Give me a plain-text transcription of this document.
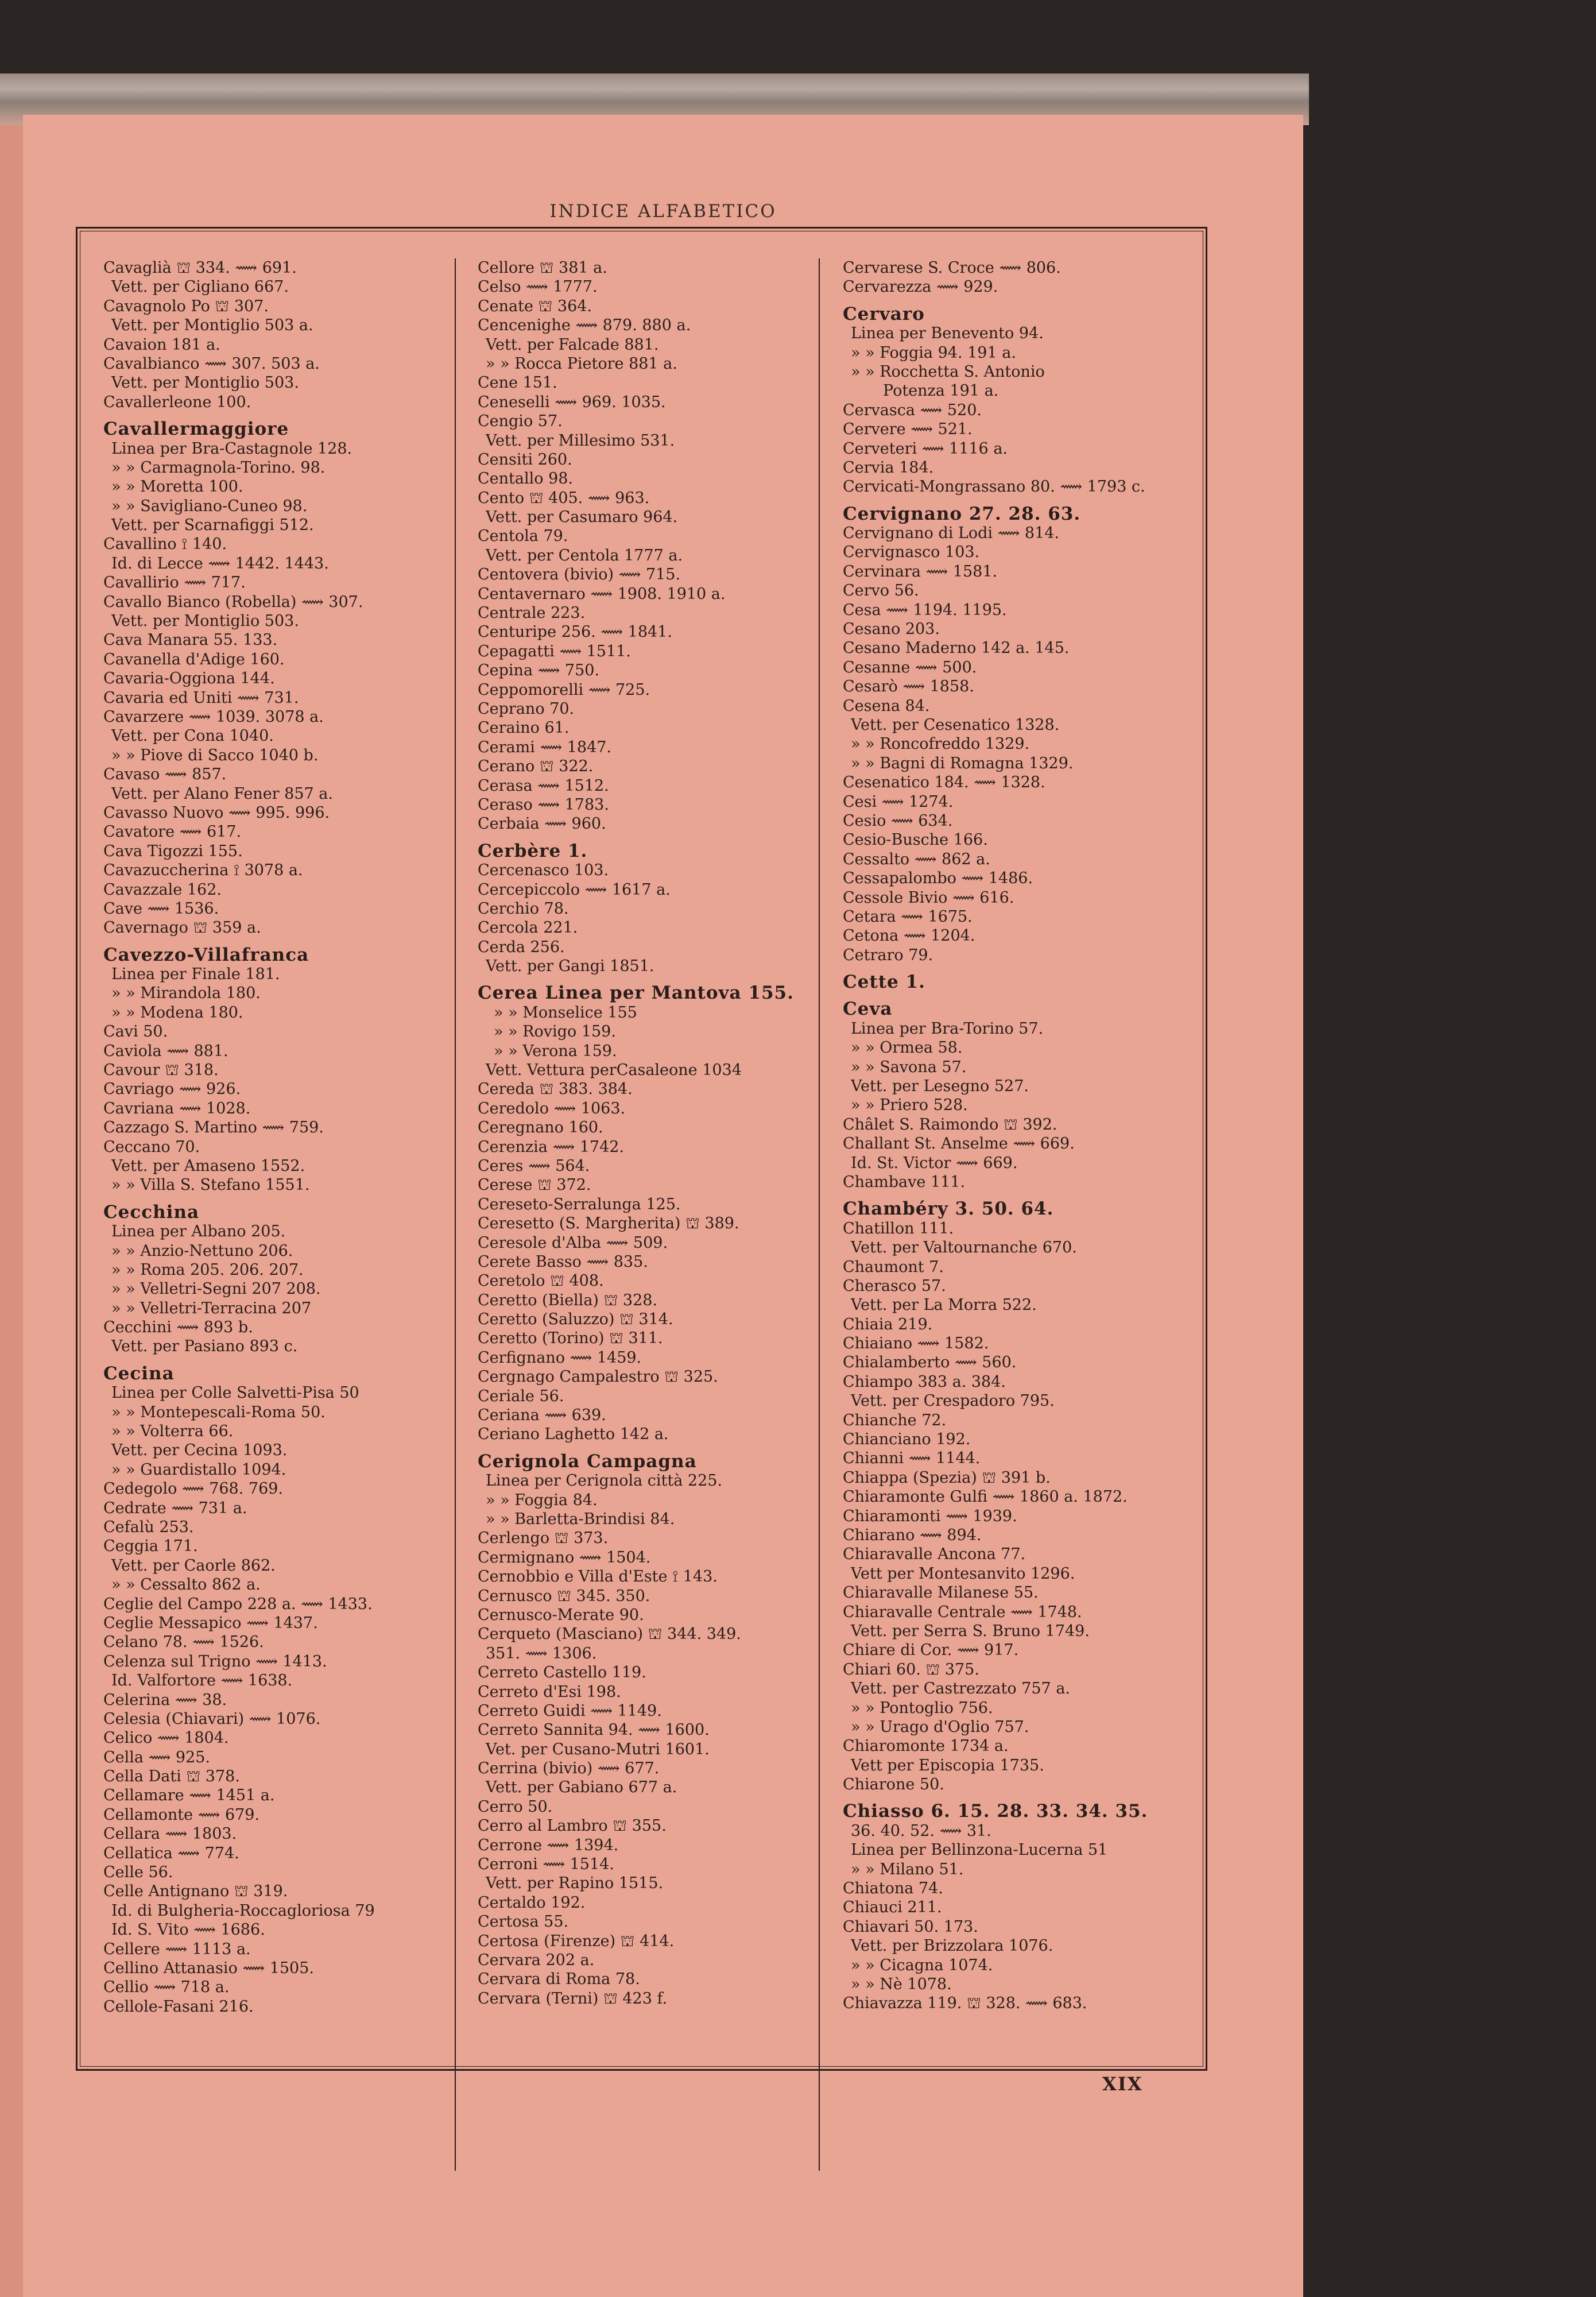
INDICE ALFABETICO
Cavaglià ⛫ 334. ⟿ 691.
Vett. per Cigliano 667.
Cavagnolo Po ⛫ 307.
Vett. per Montiglio 503 a.
Cavaion 181 a.
Cavalbianco ⟿ 307. 503 a.
Vett. per Montiglio 503.
Cavallerleone 100.
Cavallermaggiore
Linea per Bra-Castagnole 128.
» » Carmagnola-Torino. 98.
» » Moretta 100.
» » Savigliano-Cuneo 98.
Vett. per Scarnafiggi 512.
Cavallino ⟟ 140.
Id. di Lecce ⟿ 1442. 1443.
Cavallirio ⟿ 717.
Cavallo Bianco (Robella) ⟿ 307.
Vett. per Montiglio 503.
Cava Manara 55. 133.
Cavanella d'Adige 160.
Cavaria-Oggiona 144.
Cavaria ed Uniti ⟿ 731.
Cavarzere ⟿ 1039. 3078 a.
Vett. per Cona 1040.
» » Piove di Sacco 1040 b.
Cavaso ⟿ 857.
Vett. per Alano Fener 857 a.
Cavasso Nuovo ⟿ 995. 996.
Cavatore ⟿ 617.
Cava Tigozzi 155.
Cavazuccherina ⟟ 3078 a.
Cavazzale 162.
Cave ⟿ 1536.
Cavernago ⛫ 359 a.
Cavezzo-Villafranca
Linea per Finale 181.
» » Mirandola 180.
» » Modena 180.
Cavi 50.
Caviola ⟿ 881.
Cavour ⛫ 318.
Cavriago ⟿ 926.
Cavriana ⟿ 1028.
Cazzago S. Martino ⟿ 759.
Ceccano 70.
Vett. per Amaseno 1552.
» » Villa S. Stefano 1551.
Cecchina
Linea per Albano 205.
» » Anzio-Nettuno 206.
» » Roma 205. 206. 207.
» » Velletri-Segni 207 208.
» » Velletri-Terracina 207
Cecchini ⟿ 893 b.
Vett. per Pasiano 893 c.
Cecina
Linea per Colle Salvetti-Pisa 50
» » Montepescali-Roma 50.
» » Volterra 66.
Vett. per Cecina 1093.
» » Guardistallo 1094.
Cedegolo ⟿ 768. 769.
Cedrate ⟿ 731 a.
Cefalù 253.
Ceggia 171.
Vett. per Caorle 862.
» » Cessalto 862 a.
Ceglie del Campo 228 a. ⟿ 1433.
Ceglie Messapico ⟿ 1437.
Celano 78. ⟿ 1526.
Celenza sul Trigno ⟿ 1413.
Id. Valfortore ⟿ 1638.
Celerina ⟿ 38.
Celesia (Chiavari) ⟿ 1076.
Celico ⟿ 1804.
Cella ⟿ 925.
Cella Dati ⛫ 378.
Cellamare ⟿ 1451 a.
Cellamonte ⟿ 679.
Cellara ⟿ 1803.
Cellatica ⟿ 774.
Celle 56.
Celle Antignano ⛫ 319.
Id. di Bulgheria-Roccagloriosa 79
Id. S. Vito ⟿ 1686.
Cellere ⟿ 1113 a.
Cellino Attanasio ⟿ 1505.
Cellio ⟿ 718 a.
Cellole-Fasani 216.
Cellore ⛫ 381 a.
Celso ⟿ 1777.
Cenate ⛫ 364.
Cencenighe ⟿ 879. 880 a.
Vett. per Falcade 881.
» » Rocca Pietore 881 a.
Cene 151.
Ceneselli ⟿ 969. 1035.
Cengio 57.
Vett. per Millesimo 531.
Censiti 260.
Centallo 98.
Cento ⛫ 405. ⟿ 963.
Vett. per Casumaro 964.
Centola 79.
Vett. per Centola 1777 a.
Centovera (bivio) ⟿ 715.
Centavernaro ⟿ 1908. 1910 a.
Centrale 223.
Centuripe 256. ⟿ 1841.
Cepagatti ⟿ 1511.
Cepina ⟿ 750.
Ceppomorelli ⟿ 725.
Ceprano 70.
Ceraino 61.
Cerami ⟿ 1847.
Cerano ⛫ 322.
Cerasa ⟿ 1512.
Ceraso ⟿ 1783.
Cerbaia ⟿ 960.
Cerbère 1.
Cercenasco 103.
Cercepiccolo ⟿ 1617 a.
Cerchio 78.
Cercola 221.
Cerda 256.
Vett. per Gangi 1851.
Cerea Linea per Mantova 155.
» » Monselice 155
» » Rovigo 159.
» » Verona 159.
Vett. Vettura perCasaleone 1034
Cereda ⛫ 383. 384.
Ceredolo ⟿ 1063.
Ceregnano 160.
Cerenzia ⟿ 1742.
Ceres ⟿ 564.
Cerese ⛫ 372.
Cereseto-Serralunga 125.
Ceresetto (S. Margherita) ⛫ 389.
Ceresole d'Alba ⟿ 509.
Cerete Basso ⟿ 835.
Ceretolo ⛫ 408.
Ceretto (Biella) ⛫ 328.
Ceretto (Saluzzo) ⛫ 314.
Ceretto (Torino) ⛫ 311.
Cerfignano ⟿ 1459.
Cergnago Campalestro ⛫ 325.
Ceriale 56.
Ceriana ⟿ 639.
Ceriano Laghetto 142 a.
Cerignola Campagna
Linea per Cerignola città 225.
» » Foggia 84.
» » Barletta-Brindisi 84.
Cerlengo ⛫ 373.
Cermignano ⟿ 1504.
Cernobbio e Villa d'Este ⟟ 143.
Cernusco ⛫ 345. 350.
Cernusco-Merate 90.
Cerqueto (Masciano) ⛫ 344. 349.
351. ⟿ 1306.
Cerreto Castello 119.
Cerreto d'Esi 198.
Cerreto Guidi ⟿ 1149.
Cerreto Sannita 94. ⟿ 1600.
Vet. per Cusano-Mutri 1601.
Cerrina (bivio) ⟿ 677.
Vett. per Gabiano 677 a.
Cerro 50.
Cerro al Lambro ⛫ 355.
Cerrone ⟿ 1394.
Cerroni ⟿ 1514.
Vett. per Rapino 1515.
Certaldo 192.
Certosa 55.
Certosa (Firenze) ⛫ 414.
Cervara 202 a.
Cervara di Roma 78.
Cervara (Terni) ⛫ 423 f.
Cervarese S. Croce ⟿ 806.
Cervarezza ⟿ 929.
Cervaro
Linea per Benevento 94.
» » Foggia 94. 191 a.
» » Rocchetta S. Antonio
Potenza 191 a.
Cervasca ⟿ 520.
Cervere ⟿ 521.
Cerveteri ⟿ 1116 a.
Cervia 184.
Cervicati-Mongrassano 80. ⟿ 1793 c.
Cervignano 27. 28. 63.
Cervignano di Lodi ⟿ 814.
Cervignasco 103.
Cervinara ⟿ 1581.
Cervo 56.
Cesa ⟿ 1194. 1195.
Cesano 203.
Cesano Maderno 142 a. 145.
Cesanne ⟿ 500.
Cesarò ⟿ 1858.
Cesena 84.
Vett. per Cesenatico 1328.
» » Roncofreddo 1329.
» » Bagni di Romagna 1329.
Cesenatico 184. ⟿ 1328.
Cesi ⟿ 1274.
Cesio ⟿ 634.
Cesio-Busche 166.
Cessalto ⟿ 862 a.
Cessapalombo ⟿ 1486.
Cessole Bivio ⟿ 616.
Cetara ⟿ 1675.
Cetona ⟿ 1204.
Cetraro 79.
Cette 1.
Ceva
Linea per Bra-Torino 57.
» » Ormea 58.
» » Savona 57.
Vett. per Lesegno 527.
» » Priero 528.
Châlet S. Raimondo ⛫ 392.
Challant St. Anselme ⟿ 669.
Id. St. Victor ⟿ 669.
Chambave 111.
Chambéry 3. 50. 64.
Chatillon 111.
Vett. per Valtournanche 670.
Chaumont 7.
Cherasco 57.
Vett. per La Morra 522.
Chiaia 219.
Chiaiano ⟿ 1582.
Chialamberto ⟿ 560.
Chiampo 383 a. 384.
Vett. per Crespadoro 795.
Chianche 72.
Chianciano 192.
Chianni ⟿ 1144.
Chiappa (Spezia) ⛫ 391 b.
Chiaramonte Gulfi ⟿ 1860 a. 1872.
Chiaramonti ⟿ 1939.
Chiarano ⟿ 894.
Chiaravalle Ancona 77.
Vett per Montesanvito 1296.
Chiaravalle Milanese 55.
Chiaravalle Centrale ⟿ 1748.
Vett. per Serra S. Bruno 1749.
Chiare di Cor. ⟿ 917.
Chiari 60. ⛫ 375.
Vett. per Castrezzato 757 a.
» » Pontoglio 756.
» » Urago d'Oglio 757.
Chiaromonte 1734 a.
Vett per Episcopia 1735.
Chiarone 50.
Chiasso 6. 15. 28. 33. 34. 35.
36. 40. 52. ⟿ 31.
Linea per Bellinzona-Lucerna 51
» » Milano 51.
Chiatona 74.
Chiauci 211.
Chiavari 50. 173.
Vett. per Brizzolara 1076.
» » Cicagna 1074.
» » Nè 1078.
Chiavazza 119. ⛫ 328. ⟿ 683.
XIX
